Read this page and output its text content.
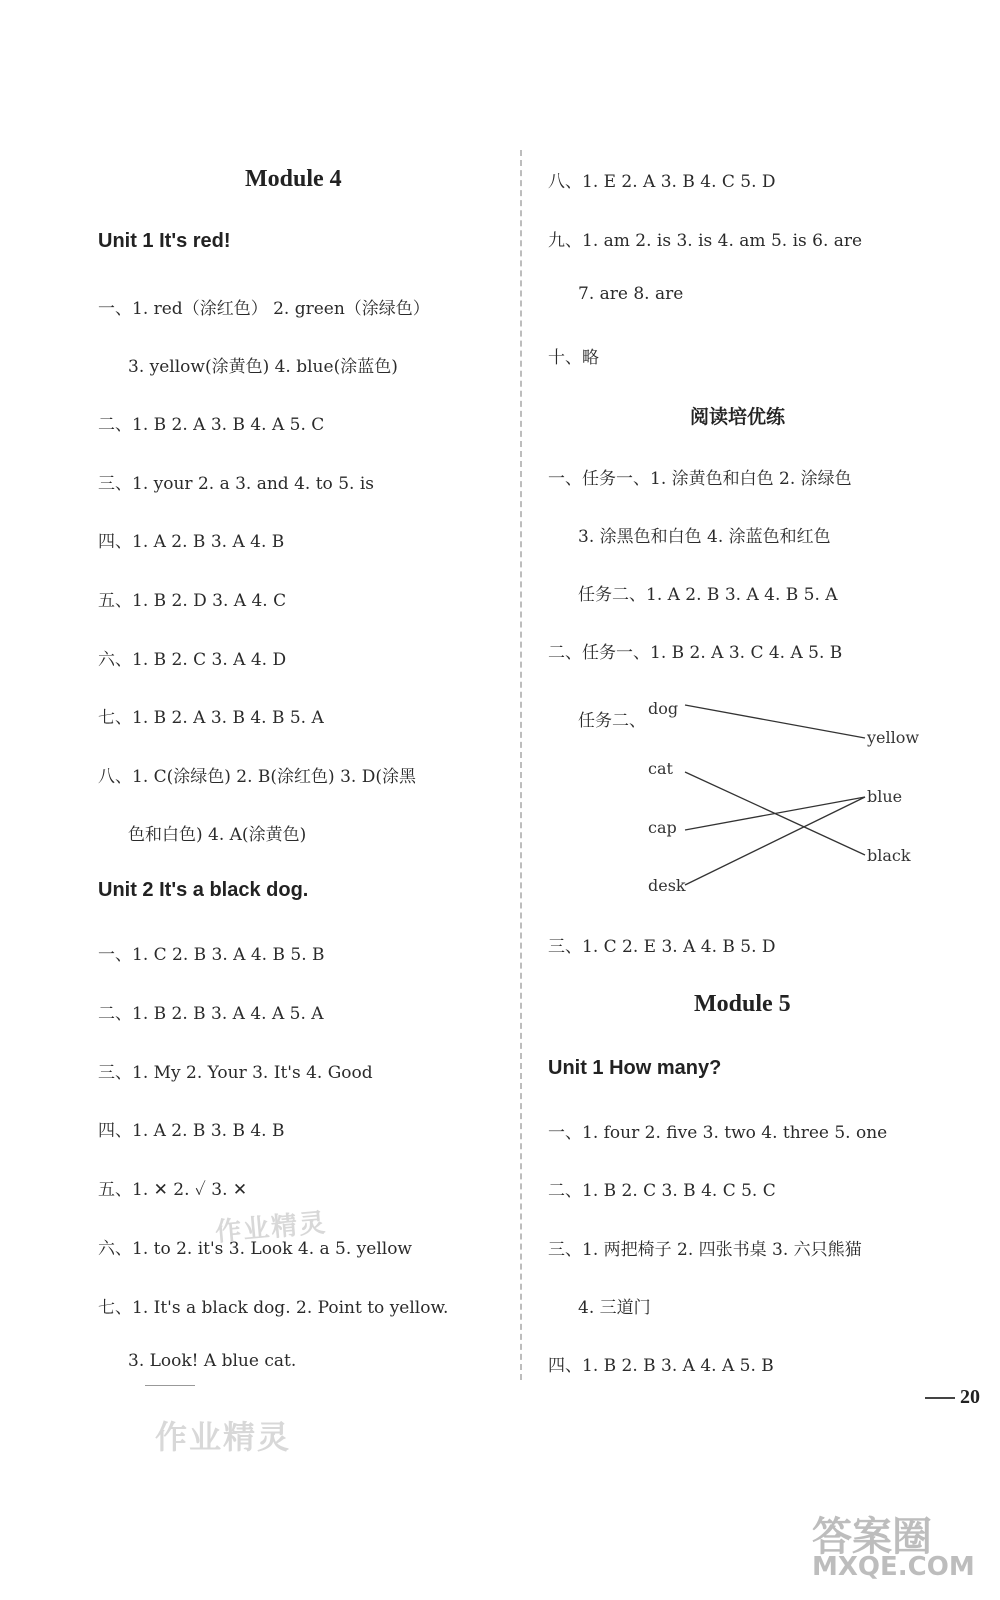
Module 4
Unit 1 It's red!
一、1. red（涂红色） 2. green（涂绿色）
3. yellow(涂黄色) 4. blue(涂蓝色)
二、1. B 2. A 3. B 4. A 5. C
三、1. your 2. a 3. and 4. to 5. is
四、1. A 2. B 3. A 4. B
五、1. B 2. D 3. A 4. C
六、1. B 2. C 3. A 4. D
七、1. B 2. A 3. B 4. B 5. A
八、1. C(涂绿色) 2. B(涂红色) 3. D(涂黑
色和白色) 4. A(涂黄色)
Unit 2 It's a black dog.
一、1. C 2. B 3. A 4. B 5. B
二、1. B 2. B 3. A 4. A 5. A
三、1. My 2. Your 3. It's 4. Good
四、1. A 2. B 3. B 4. B
五、1. ✕ 2. ✓ 3. ✕
六、1. to 2. it's 3. Look 4. a 5. yellow
七、1. It's a black dog. 2. Point to yellow.
3. Look! A blue cat.
作业精灵
作业精灵
八、1. E 2. A 3. B 4. C 5. D
九、1. am 2. is 3. is 4. am 5. is 6. are
7. are 8. are
十、略
阅读培优练
一、任务一、1. 涂黄色和白色 2. 涂绿色
3. 涂黑色和白色 4. 涂蓝色和红色
任务二、1. A 2. B 3. A 4. B 5. A
二、任务一、1. B 2. A 3. C 4. A 5. B
任务二、
dog
cat
cap
desk
yellow
blue
black
三、1. C 2. E 3. A 4. B 5. D
Module 5
Unit 1 How many?
一、1. four 2. five 3. two 4. three 5. one
二、1. B 2. C 3. B 4. C 5. C
三、1. 两把椅子 2. 四张书桌 3. 六只熊猫
4. 三道门
四、1. B 2. B 3. A 4. A 5. B
20
答案圈
MXQE.COM
